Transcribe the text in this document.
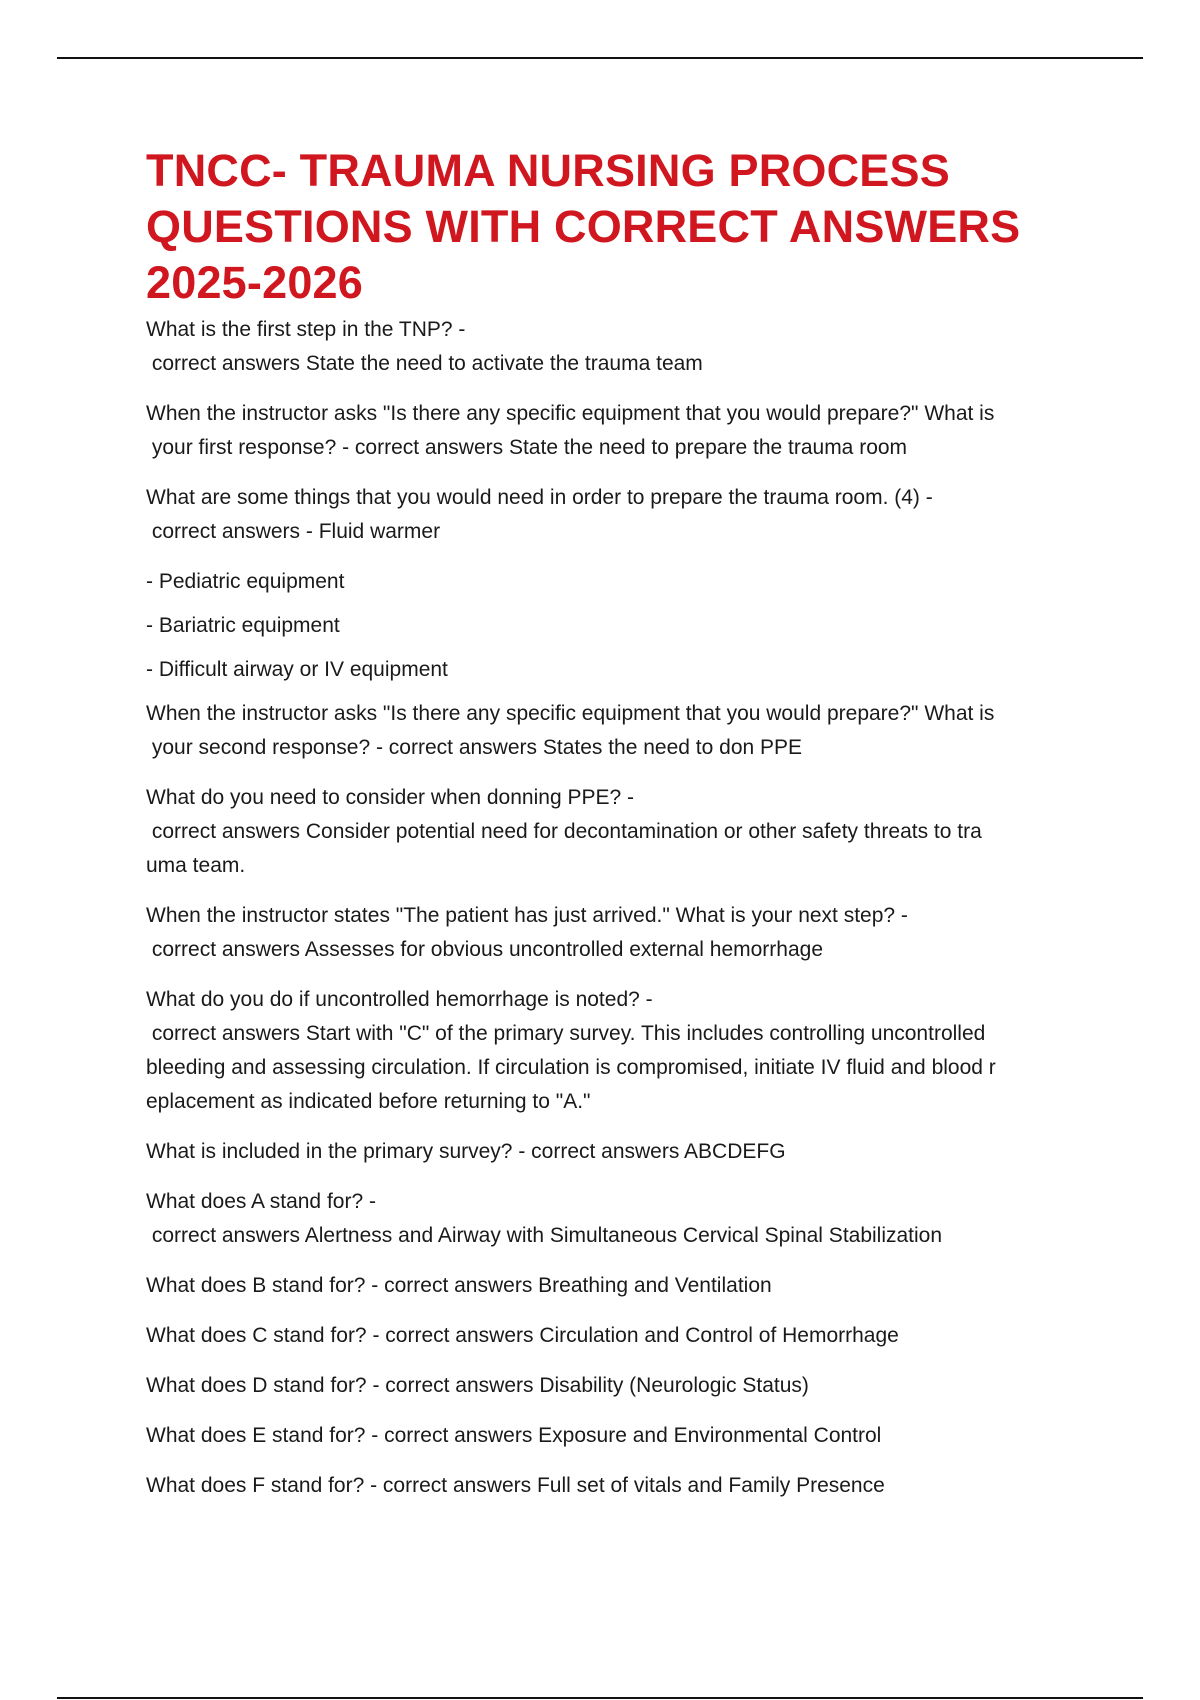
TNCC- TRAUMA NURSING PROCESS QUESTIONS WITH CORRECT ANSWERS 2025-2026
What is the first step in the TNP? -
correct answers State the need to activate the trauma team
When the instructor asks "Is there any specific equipment that you would prepare?" What is
your first response? - correct answers State the need to prepare the trauma room
What are some things that you would need in order to prepare the trauma room. (4) -
correct answers - Fluid warmer
- Pediatric equipment
- Bariatric equipment
- Difficult airway or IV equipment
When the instructor asks "Is there any specific equipment that you would prepare?" What is
your second response? - correct answers States the need to don PPE
What do you need to consider when donning PPE? -
correct answers Consider potential need for decontamination or other safety threats to tra
uma team.
When the instructor states "The patient has just arrived." What is your next step? -
correct answers Assesses for obvious uncontrolled external hemorrhage
What do you do if uncontrolled hemorrhage is noted? -
correct answers Start with "C" of the primary survey. This includes controlling uncontrolled
bleeding and assessing circulation. If circulation is compromised, initiate IV fluid and blood r
eplacement as indicated before returning to "A."
What is included in the primary survey? - correct answers ABCDEFG
What does A stand for? -
correct answers Alertness and Airway with Simultaneous Cervical Spinal Stabilization
What does B stand for? - correct answers Breathing and Ventilation
What does C stand for? - correct answers Circulation and Control of Hemorrhage
What does D stand for? - correct answers Disability (Neurologic Status)
What does E stand for? - correct answers Exposure and Environmental Control
What does F stand for? - correct answers Full set of vitals and Family Presence
